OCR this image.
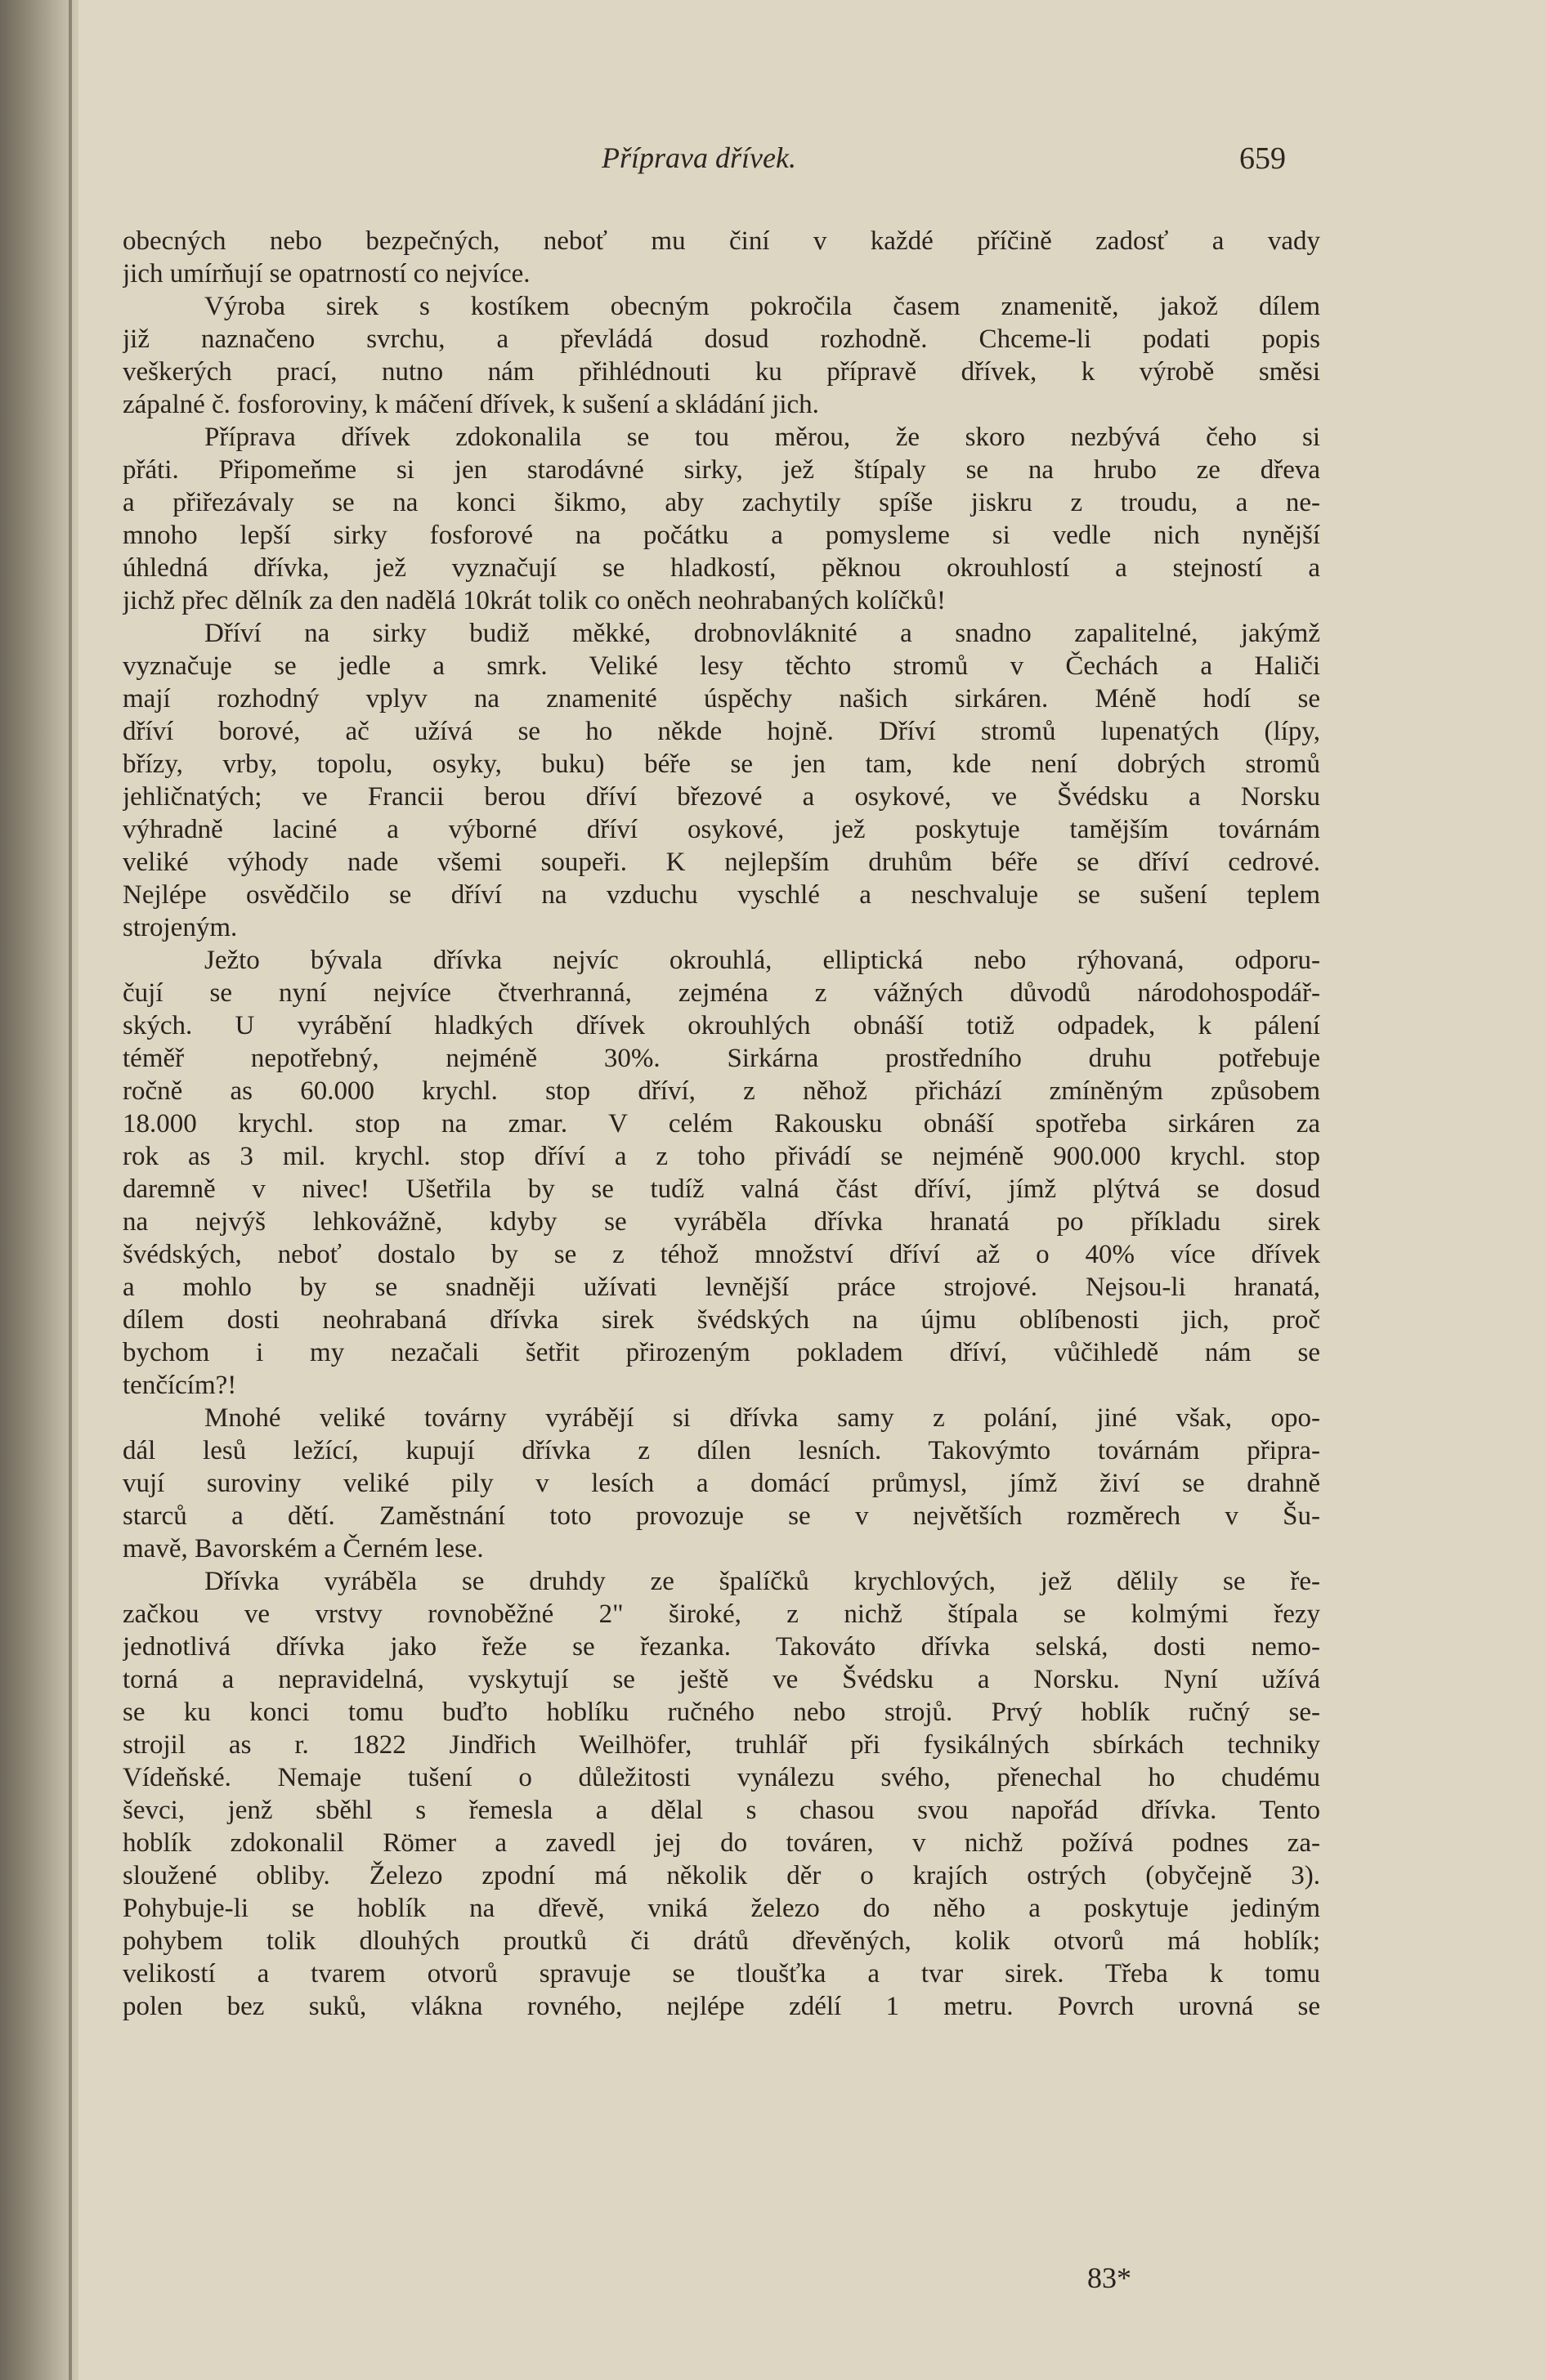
Příprava dřívek.	659
obecných nebo bezpečných, neboť mu činí v každé příčině zadosť a vady
jich umírňují se opatrností co nejvíce.
Výroba sirek s kostíkem obecným pokročila časem znamenitě, jakož dílem
již naznačeno svrchu, a převládá dosud rozhodně. Chceme-li podati popis
veškerých prací, nutno nám přihlédnouti ku přípravě dřívek, k výrobě směsi
zápalné č. fosforoviny, k máčení dřívek, k sušení a skládání jich.
Příprava dřívek zdokonalila se tou měrou, že skoro nezbývá čeho si
přáti. Připomeňme si jen starodávné sirky, jež štípaly se na hrubo ze dřeva
a přiřezávaly se na konci šikmo, aby zachytily spíše jiskru z troudu, a ne-
mnoho lepší sirky fosforové na počátku a pomysleme si vedle nich nynější
úhledná dřívka, jež vyznačují se hladkostí, pěknou okrouhlostí a stejností a
jichž přec dělník za den nadělá 10krát tolik co oněch neohrabaných kolíčků!
Dříví na sirky budiž měkké, drobnovláknité a snadno zapalitelné, jakýmž
vyznačuje se jedle a smrk. Veliké lesy těchto stromů v Čechách a Haliči
mají rozhodný vplyv na znamenité úspěchy našich sirkáren. Méně hodí se
dříví borové, ač užívá se ho někde hojně. Dříví stromů lupenatých (lípy,
břízy, vrby, topolu, osyky, buku) béře se jen tam, kde není dobrých stromů
jehličnatých; ve Francii berou dříví březové a osykové, ve Švédsku a Norsku
výhradně laciné a výborné dříví osykové, jež poskytuje tamějším továrnám
veliké výhody nade všemi soupeři. K nejlepším druhům béře se dříví cedrové.
Nejlépe osvědčilo se dříví na vzduchu vyschlé a neschvaluje se sušení teplem
strojeným.
Ježto bývala dřívka nejvíc okrouhlá, elliptická nebo rýhovaná, odporu-
čují se nyní nejvíce čtverhranná, zejména z vážných důvodů národohospodář-
ských. U vyrábění hladkých dřívek okrouhlých obnáší totiž odpadek, k pálení
téměř nepotřebný, nejméně 30%. Sirkárna prostředního druhu potřebuje
ročně as 60.000 krychl. stop dříví, z něhož přichází zmíněným způsobem
18.000 krychl. stop na zmar. V celém Rakousku obnáší spotřeba sirkáren za
rok as 3 mil. krychl. stop dříví a z toho přivádí se nejméně 900.000 krychl. stop
daremně v nivec! Ušetřila by se tudíž valná část dříví, jímž plýtvá se dosud
na nejvýš lehkovážně, kdyby se vyráběla dřívka hranatá po příkladu sirek
švédských, neboť dostalo by se z téhož množství dříví až o 40% více dřívek
a mohlo by se snadněji užívati levnější práce strojové. Nejsou-li hranatá,
dílem dosti neohrabaná dřívka sirek švédských na újmu oblíbenosti jich, proč
bychom i my nezačali šetřit přirozeným pokladem dříví, vůčihledě nám se
tenčícím?!
Mnohé veliké továrny vyrábějí si dřívka samy z polání, jiné však, opo-
dál lesů ležící, kupují dřívka z dílen lesních. Takovýmto továrnám připra-
vují suroviny veliké pily v lesích a domácí průmysl, jímž živí se drahně
starců a dětí. Zaměstnání toto provozuje se v největších rozměrech v Šu-
mavě, Bavorském a Černém lese.
Dřívka vyráběla se druhdy ze špalíčků krychlových, jež dělily se ře-
začkou ve vrstvy rovnoběžné 2" široké, z nichž štípala se kolmými řezy
jednotlivá dřívka jako řeže se řezanka. Takováto dřívka selská, dosti nemo-
torná a nepravidelná, vyskytují se ještě ve Švédsku a Norsku. Nyní užívá
se ku konci tomu buďto hoblíku ručného nebo strojů. Prvý hoblík ručný se-
strojil as r. 1822 Jindřich Weilhöfer, truhlář při fysikálných sbírkách techniky
Vídeňské. Nemaje tušení o důležitosti vynálezu svého, přenechal ho chudému
ševci, jenž sběhl s řemesla a dělal s chasou svou napořád dřívka. Tento
hoblík zdokonalil Römer a zavedl jej do továren, v nichž požívá podnes za-
sloužené obliby. Železo zpodní má několik děr o krajích ostrých (obyčejně 3).
Pohybuje-li se hoblík na dřevě, vniká železo do něho a poskytuje jediným
pohybem tolik dlouhých proutků či drátů dřevěných, kolik otvorů má hoblík;
velikostí a tvarem otvorů spravuje se tloušťka a tvar sirek. Třeba k tomu
polen bez suků, vlákna rovného, nejlépe zdélí 1 metru. Povrch urovná se
83*
